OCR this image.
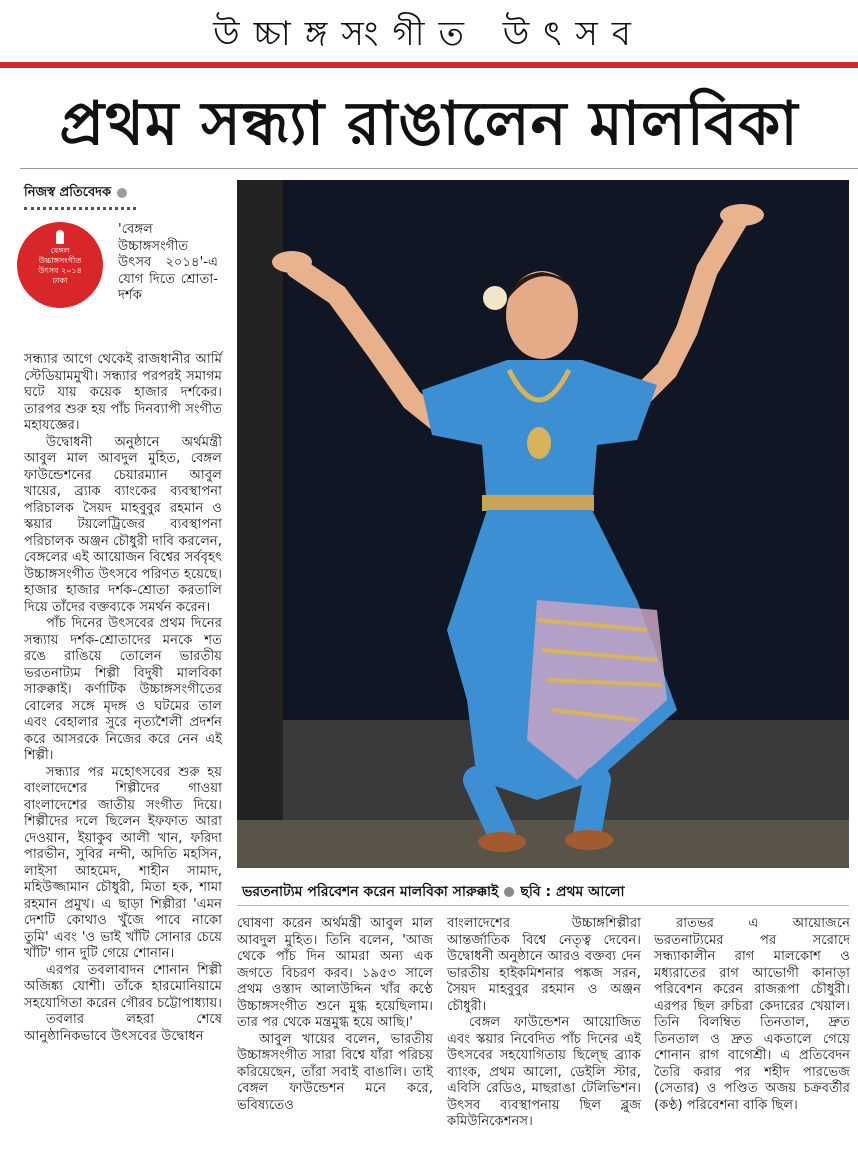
উচ্চাঙ্গসংগীত উৎসব
প্রথম সন্ধ্যা রাঙালেন মালবিকা
নিজস্ব প্রতিবেদক
বেঙ্গল
উচ্চাঙ্গসংগীত
উৎসব ২০১৪
ঢাকা

'বেঙ্গল উচ্চাঙ্গসংগীত উৎসব ২০১৪'-এ যোগ দিতে শ্রোতা-দর্শক

সন্ধ্যার আগে থেকেই রাজধানীর আর্মি স্টেডিয়ামমুখী। সন্ধ্যার পরপরই সমাগম ঘটে যায় কয়েক হাজার দর্শকের। তারপর শুরু হয় পাঁচ দিনব্যাপী সংগীত মহাযজ্ঞের।

উদ্বোধনী অনুষ্ঠানে অর্থমন্ত্রী আবুল মাল আবদুল মুহিত, বেঙ্গল ফাউন্ডেশনের চেয়ারম্যান আবুল খায়ের, ব্র্যাক ব্যাংকের ব্যবস্থাপনা পরিচালক সৈয়দ মাহবুবুর রহমান ও স্কয়ার টয়লেট্রিজের ব্যবস্থাপনা পরিচালক অঞ্জন চৌধুরী দাবি করলেন, বেঙ্গলের এই আয়োজন বিশ্বের সর্ববৃহৎ উচ্চাঙ্গসংগীত উৎসবে পরিণত হয়েছে। হাজার হাজার দর্শক-শ্রোতা করতালি দিয়ে তাঁদের বক্তব্যকে সমর্থন করেন।

পাঁচ দিনের উৎসবের প্রথম দিনের সন্ধ্যায় দর্শক-শ্রোতাদের মনকে শত রঙে রাঙিয়ে তোলেন ভারতীয় ভরতনাট্যম শিল্পী বিদুষী মালবিকা সারুক্কাই। কর্ণাটিক উচ্চাঙ্গসংগীতের বোলের সঙ্গে মৃদঙ্গ ও ঘটমের তাল এবং বেহালার সুরে নৃত্যশৈলী প্রদর্শন করে আসরকে নিজের করে নেন এই শিল্পী।

সন্ধ্যার পর মহোৎসবের শুরু হয় বাংলাদেশের শিল্পীদের গাওয়া বাংলাদেশের জাতীয় সংগীত দিয়ে। শিল্পীদের দলে ছিলেন ইফফাত আরা দেওয়ান, ইয়াকুব আলী খান, ফরিদা পারভীন, সুবির নন্দী, অদিতি মহসিন, লাইসা আহমেদ, শাহীন সামাদ, মহিউজ্জামান চৌধুরী, মিতা হক, শামা রহমান প্রমুখ। এ ছাড়া শিল্পীরা 'এমন দেশটি কোথাও খুঁজে পাবে নাকো তুমি' এবং 'ও ভাই খাঁটি সোনার চেয়ে খাঁটি' গান দুটি গেয়ে শোনান।

এরপর তবলাবাদন শোনান শিল্পী অজিঙ্ক্য যোশী। তাঁকে হারমোনিয়ামে সহযোগিতা করেন গৌরব চট্টোপাধ্যায়।

তবলার লহরা শেষে আনুষ্ঠানিকভাবে উৎসবের উদ্বোধন

ভরতনাট্যম পরিবেশন করেন মালবিকা সারুক্কাই ছবি : প্রথম আলো

ঘোষণা করেন অর্থমন্ত্রী আবুল মাল আবদুল মুহিত। তিনি বলেন, 'আজ থেকে পাঁচ দিন আমরা অন্য এক জগতে বিচরণ করব। ১৯৫৩ সালে প্রথম ওস্তাদ আলাউদ্দিন খাঁর কণ্ঠে উচ্চাঙ্গসংগীত শুনে মুগ্ধ হয়েছিলাম। তার পর থেকে মন্ত্রমুগ্ধ হয়ে আছি।'

আবুল খায়ের বলেন, ভারতীয় উচ্চাঙ্গসংগীত সারা বিশ্বে যাঁরা পরিচয় করিয়েছেন, তাঁরা সবাই বাঙালি। তাই বেঙ্গল ফাউন্ডেশন মনে করে, ভবিষ্যতেও

বাংলাদেশের উচ্চাঙ্গশিল্পীরা আন্তর্জাতিক বিশ্বে নেতৃত্ব দেবেন। উদ্বোধনী অনুষ্ঠানে আরও বক্তব্য দেন ভারতীয় হাইকমিশনার পঙ্কজ সরন, সৈয়দ মাহবুবুর রহমান ও অঞ্জন চৌধুরী।

বেঙ্গল ফাউন্ডেশন আয়োজিত এবং স্কয়ার নিবেদিত পাঁচ দিনের এই উৎসবের সহযোগিতায় ছিল্ছে ব্র্যাক ব্যাংক, প্রথম আলো, ডেইলি স্টার, এবিসি রেডিও, মাছরাঙা টেলিভিশন। উৎসব ব্যবস্থাপনায় ছিল ব্লুজ কমিউনিকেশনস।

রাতভর এ আয়োজনে ভরতনাট্যমের পর সরোদে সন্ধ্যাকালীন রাগ মালকোশ ও মধ্যরাতের রাগ আভোগী কানাড়া পরিবেশন করেন রাজরূপা চৌধুরী। এরপর ছিল রুচিরা কেদারের খেয়াল। তিনি বিলম্বিত তিনতাল, দ্রুত তিনতাল ও দ্রুত একতালে গেয়ে শোনান রাগ বাগেশ্রী। এ প্রতিবেদন তৈরি করার পর শহীদ পারভেজ (সেতার) ও পণ্ডিত অজয় চক্রবর্তীর (কণ্ঠ) পরিবেশনা বাকি ছিল।
